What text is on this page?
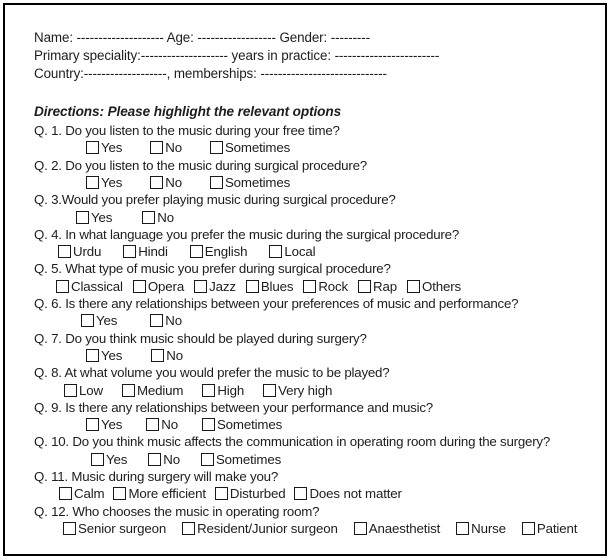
Name: -------------------- Age: ------------------ Gender: ---------
Primary speciality:-------------------- years in practice: ------------------------
Country:-------------------, memberships: -----------------------------
Directions: Please highlight the relevant options
Q. 1. Do you listen to the music during your free time?
Yes	No	Sometimes
Q. 2. Do you listen to the music during surgical procedure?
Yes	No	Sometimes
Q. 3.Would you prefer playing music during surgical procedure?
Yes	No
Q. 4. In what language you prefer the music during the surgical procedure?
Urdu	Hindi	English	Local
Q. 5. What type of music you prefer during surgical procedure?
Classical Opera Jazz Blues Rock Rap Others
Q. 6. Is there any relationships between your preferences of music and performance?
Yes	No
Q. 7. Do you think music should be played during surgery?
Yes	No
Q. 8. At what volume you would prefer the music to be played?
Low	Medium	High	Very high
Q. 9. Is there any relationships between your performance and music?
Yes	No	Sometimes
Q. 10. Do you think music affects the communication in operating room during the surgery?
Yes	No	Sometimes
Q. 11. Music during surgery will make you?
Calm More efficient Disturbed Does not matter
Q. 12. Who chooses the music in operating room?
Senior surgeon Resident/Junior surgeon Anaesthetist Nurse Patient
